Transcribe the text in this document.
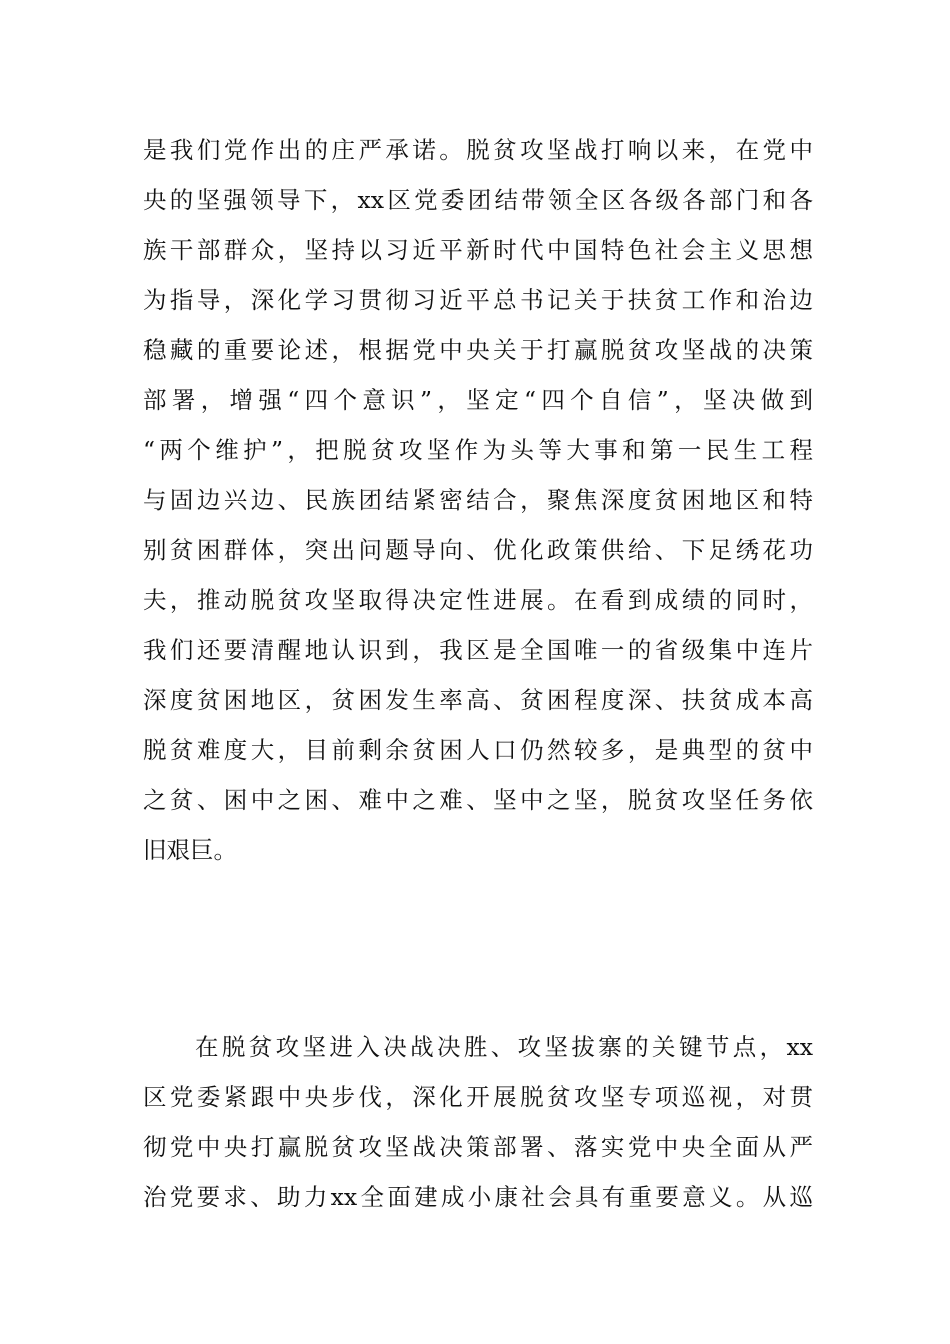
是我们党作出的庄严承诺。脱贫攻坚战打响以来，在党中
央的坚强领导下，xx区党委团结带领全区各级各部门和各
族干部群众，坚持以习近平新时代中国特色社会主义思想
为指导，深化学习贯彻习近平总书记关于扶贫工作和治边
稳藏的重要论述，根据党中央关于打赢脱贫攻坚战的决策
部署，增强“四个意识”，坚定“四个自信”，坚决做到
“两个维护”，把脱贫攻坚作为头等大事和第一民生工程
与固边兴边、民族团结紧密结合，聚焦深度贫困地区和特
别贫困群体，突出问题导向、优化政策供给、下足绣花功
夫，推动脱贫攻坚取得决定性进展。在看到成绩的同时，
我们还要清醒地认识到，我区是全国唯一的省级集中连片
深度贫困地区，贫困发生率高、贫困程度深、扶贫成本高
脱贫难度大，目前剩余贫困人口仍然较多，是典型的贫中
之贫、困中之困、难中之难、坚中之坚，脱贫攻坚任务依
旧艰巨。
在脱贫攻坚进入决战决胜、攻坚拔寨的关键节点，xx
区党委紧跟中央步伐，深化开展脱贫攻坚专项巡视，对贯
彻党中央打赢脱贫攻坚战决策部署、落实党中央全面从严
治党要求、助力xx全面建成小康社会具有重要意义。从巡
